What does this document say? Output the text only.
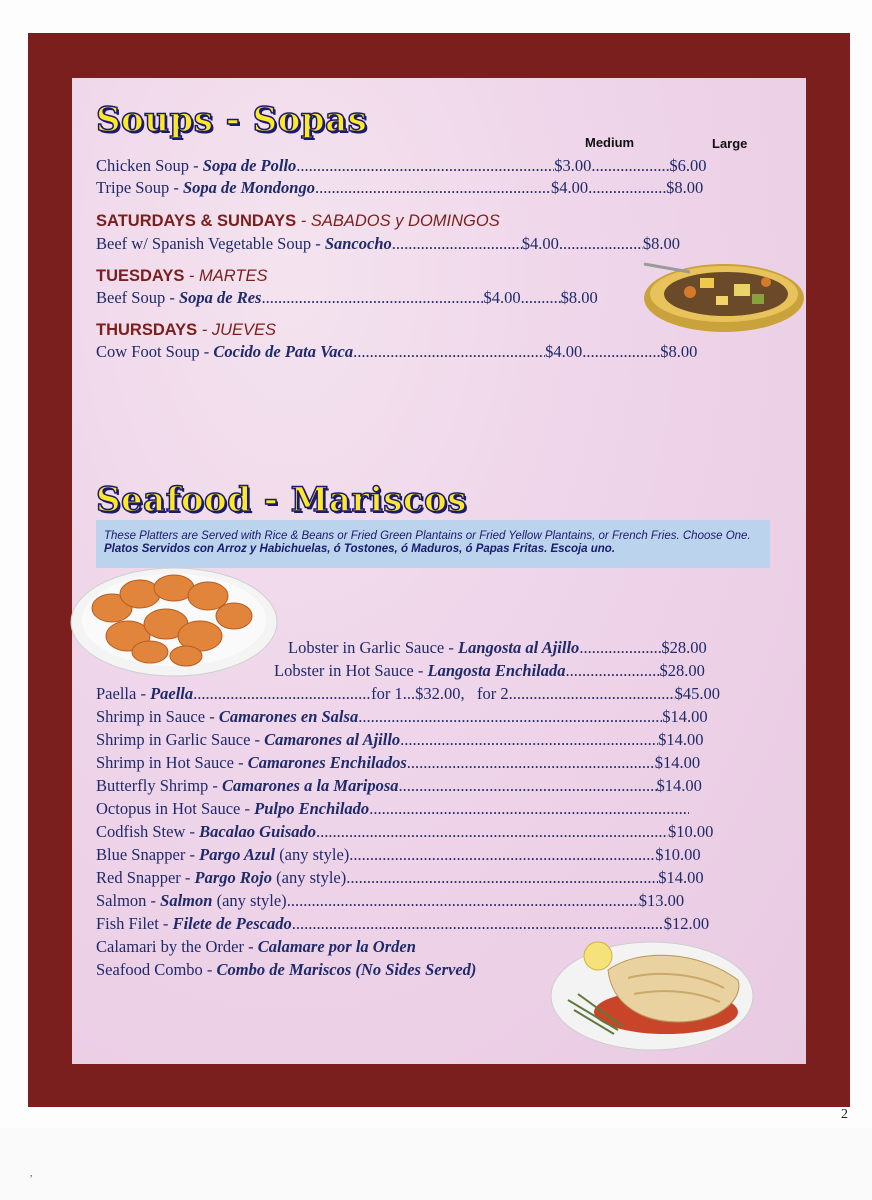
2
,
Soups - Sopas
Medium	Large
Chicken Soup - Sopa de Pollo .....	$3.00 .....	$6.00
Tripe Soup - Sopa de Mondongo .....	$4.00 .....	$8.00
SATURDAYS & SUNDAYS - SABADOS y DOMINGOS
Beef w/ Spanish Vegetable Soup - Sancocho .....	$4.00 .....	$8.00
TUESDAYS - MARTES
Beef Soup - Sopa de Res .....	$4.00 ..... $8.00
THURSDAYS - JUEVES
Cow Foot Soup - Cocido de Pata Vaca .....	$4.00 .....	$8.00
Seafood - Mariscos
These Platters are Served with Rice & Beans or Fried Green Plantains or Fried Yellow Plantains, or French Fries. Choose One.
Platos Servidos con Arroz y Habichuelas, ó Tostones, ó Maduros, ó Papas Fritas. Escoja uno.
Lobster in Garlic Sauce - Langosta al Ajillo .....	$28.00
Lobster in Hot Sauce - Langosta Enchilada .....	$28.00
Paella - Paella .....	for 1...$32.00, for 2 .....	$45.00
Shrimp in Sauce - Camarones en Salsa .....	$14.00
Shrimp in Garlic Sauce - Camarones al Ajillo .....	$14.00
Shrimp in Hot Sauce - Camarones Enchilados .....	$14.00
Butterfly Shrimp - Camarones a la Mariposa .....	$14.00
Octopus in Hot Sauce - Pulpo Enchilado.....
Codfish Stew - Bacalao Guisado .....	$10.00
Blue Snapper - Pargo Azul (any style) .....	$10.00
Red Snapper - Pargo Rojo (any style) .....	$14.00
Salmon - Salmon (any style) .....	$13.00
Fish Filet - Filete de Pescado .....	$12.00
Calamari by the Order - Calamare por la Orden
Seafood Combo - Combo de Mariscos (No Sides Served)
